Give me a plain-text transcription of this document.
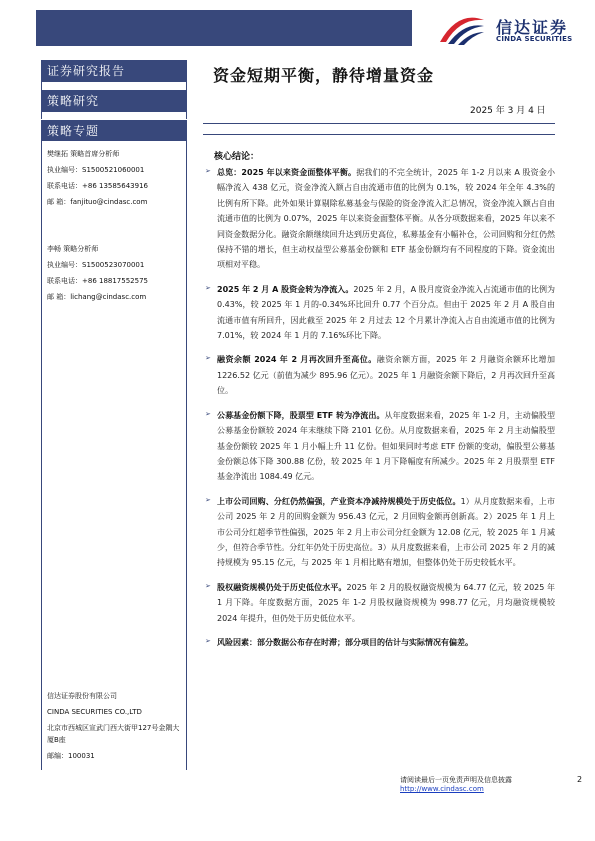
信达证券
CINDA SECURITIES
证券研究报告
策略研究
策略专题
樊继拓 策略首席分析师
执业编号：S1500521060001
联系电话：+86 13585643916
邮 箱：fanjituo@cindasc.com
李畅 策略分析师
执业编号：S1500523070001
联系电话：+86 18817552575
邮 箱：lichang@cindasc.com
信达证券股份有限公司
CINDA SECURITIES CO.,LTD
北京市西城区宣武门西大街甲127号金隅大厦B座
邮编：100031
资金短期平衡，静待增量资金
2025 年 3 月 4 日
核心结论：
➢ 总览：2025 年以来资金面整体平衡。据我们的不完全统计，2025 年 1-2 月以来 A 股资金小幅净流入 438 亿元，资金净流入额占自由流通市值的比例为 0.1%，较 2024 年全年 4.3%的比例有所下降。此外如果计算剔除私募基金与保险的资金净流入汇总情况，资金净流入额占自由流通市值的比例为 0.07%，2025 年以来资金面整体平衡。从各分项数据来看，2025 年以来不同资金数据分化。融资余额继续回升达到历史高位，私募基金有小幅补仓，公司回购和分红仍然保持不错的增长，但主动权益型公募基金份额和 ETF 基金份额均有不同程度的下降。资金流出项相对平稳。

➢ 2025 年 2 月 A 股资金转为净流入。2025 年 2 月，A 股月度资金净流入占流通市值的比例为 0.43%，较 2025 年 1 月的-0.34%环比回升 0.77 个百分点。但由于 2025 年 2 月 A 股自由流通市值有所回升，因此截至 2025 年 2 月过去 12 个月累计净流入占自由流通市值的比例为 7.01%，较 2024 年 1 月的 7.16%环比下降。

➢ 融资余额 2024 年 2 月再次回升至高位。融资余额方面，2025 年 2 月融资余额环比增加 1226.52 亿元（前值为减少 895.96 亿元）。2025 年 1 月融资余额下降后，2 月再次回升至高位。

➢ 公募基金份额下降，股票型 ETF 转为净流出。从年度数据来看，2025 年 1-2 月，主动偏股型公募基金份额较 2024 年末继续下降 2101 亿份。从月度数据来看，2025 年 2 月主动偏股型基金份额较 2025 年 1 月小幅上升 11 亿份。但如果同时考虑 ETF 份额的变动，偏股型公募基金份额总体下降 300.88 亿份，较 2025 年 1 月下降幅度有所减少。2025 年 2 月股票型 ETF 基金净流出 1084.49 亿元。

➢ 上市公司回购、分红仍然偏强，产业资本净减持规模处于历史低位。1）从月度数据来看，上市公司 2025 年 2 月的回购金额为 956.43 亿元，2 月回购金额再创新高。2）2025 年 1 月上市公司分红超季节性偏强，2025 年 2 月上市公司分红金额为 12.08 亿元，较 2025 年 1 月减少，但符合季节性。分红年仍处于历史高位。3）从月度数据来看，上市公司 2025 年 2 月的减持规模为 95.15 亿元，与 2025 年 1 月相比略有增加，但整体仍处于历史较低水平。

➢ 股权融资规模仍处于历史低位水平。2025 年 2 月的股权融资规模为 64.77 亿元，较 2025 年 1 月下降。年度数据方面，2025 年 1-2 月股权融资规模为 998.77 亿元，月均融资规模较 2024 年提升，但仍处于历史低位水平。

➢ 风险因素：部分数据公布存在时滞；部分项目的估计与实际情况有偏差。

请阅读最后一页免责声明及信息披露 http://www.cindasc.com
2
